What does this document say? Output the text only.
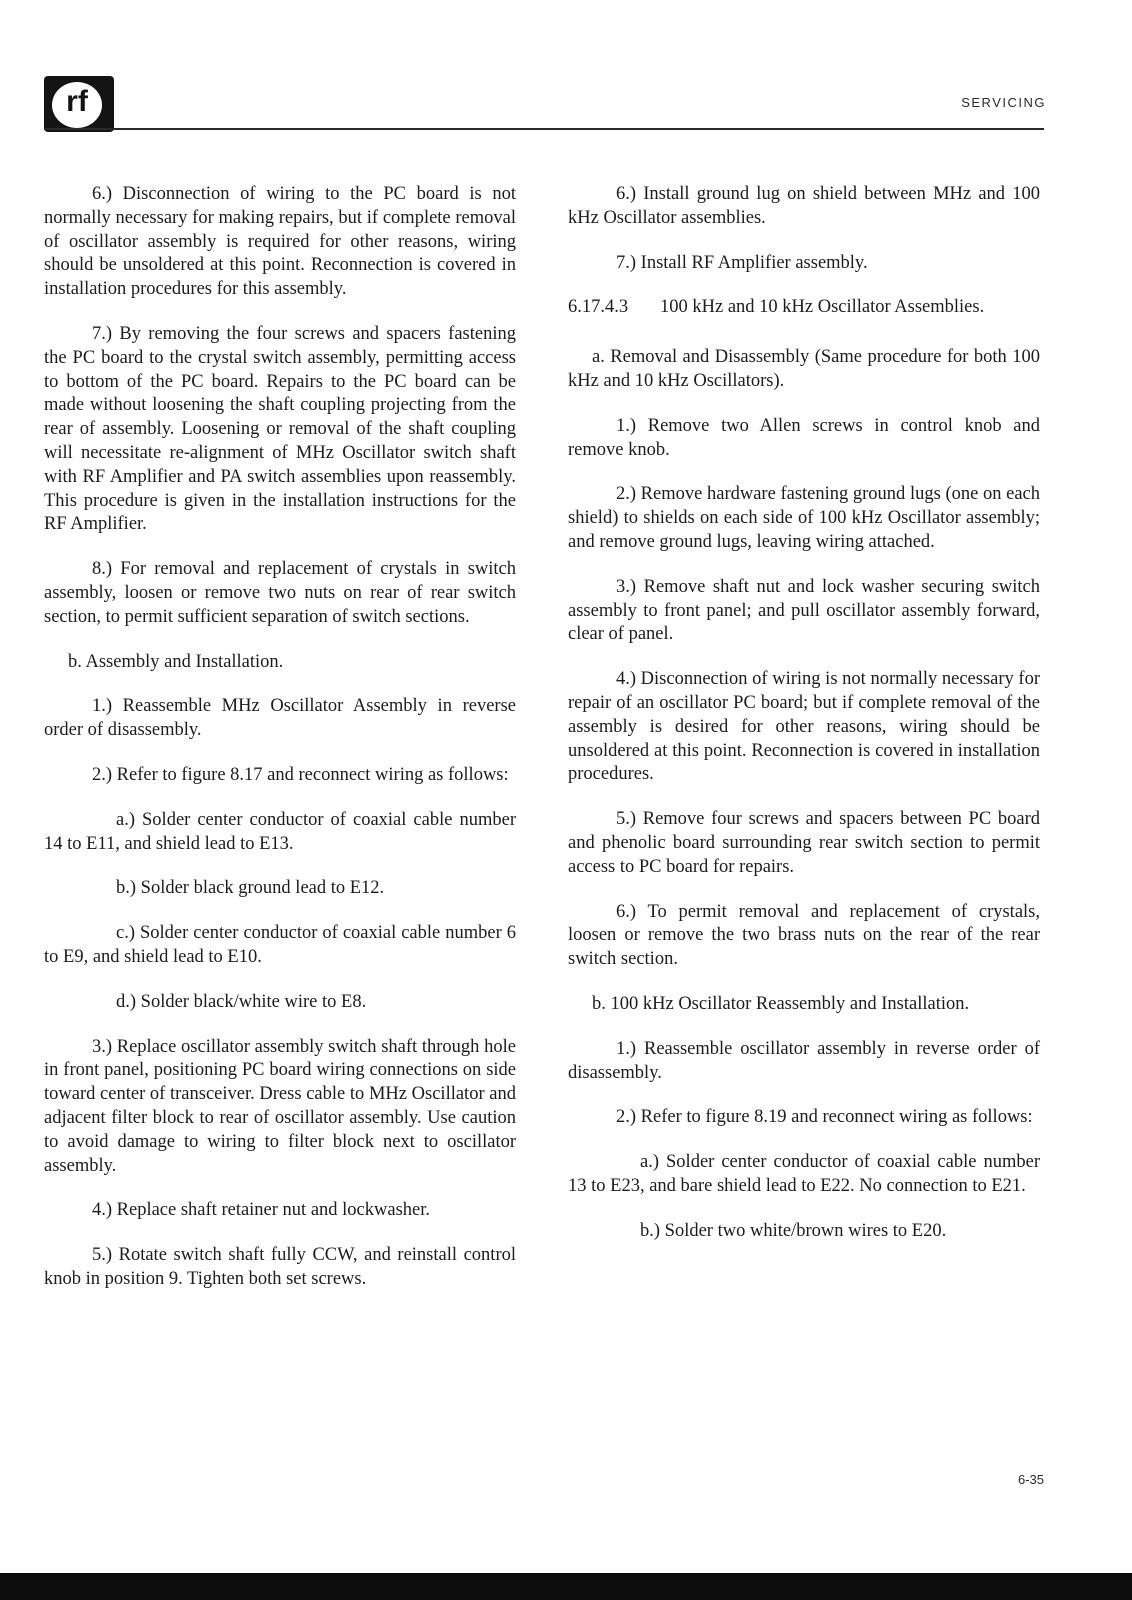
rf	SERVICING

6.) Disconnection of wiring to the PC board is not normally necessary for making repairs, but if complete removal of oscillator assembly is required for other reasons, wiring should be unsoldered at this point. Reconnection is covered in installation procedures for this assembly.

7.) By removing the four screws and spacers fastening the PC board to the crystal switch assembly, permitting access to bottom of the PC board. Repairs to the PC board can be made without loosening the shaft coupling projecting from the rear of assembly. Loosening or removal of the shaft coupling will necessitate re-alignment of MHz Oscillator switch shaft with RF Amplifier and PA switch assemblies upon reassembly. This procedure is given in the installation instructions for the RF Amplifier.

8.) For removal and replacement of crystals in switch assembly, loosen or remove two nuts on rear of rear switch section, to permit sufficient separation of switch sections.

b. Assembly and Installation.

1.) Reassemble MHz Oscillator Assembly in reverse order of disassembly.

2.) Refer to figure 8.17 and reconnect wiring as follows:

a.) Solder center conductor of coaxial cable number 14 to E11, and shield lead to E13.

b.) Solder black ground lead to E12.

c.) Solder center conductor of coaxial cable number 6 to E9, and shield lead to E10.

d.) Solder black/white wire to E8.

3.) Replace oscillator assembly switch shaft through hole in front panel, positioning PC board wiring connections on side toward center of transceiver. Dress cable to MHz Oscillator and adjacent filter block to rear of oscillator assembly. Use caution to avoid damage to wiring to filter block next to oscillator assembly.

4.) Replace shaft retainer nut and lockwasher.

5.) Rotate switch shaft fully CCW, and reinstall control knob in position 9. Tighten both set screws.

6.) Install ground lug on shield between MHz and 100 kHz Oscillator assemblies.

7.) Install RF Amplifier assembly.

6.17.4.3	100 kHz and 10 kHz Oscillator Assemblies.

a. Removal and Disassembly (Same procedure for both 100 kHz and 10 kHz Oscillators).

1.) Remove two Allen screws in control knob and remove knob.

2.) Remove hardware fastening ground lugs (one on each shield) to shields on each side of 100 kHz Oscillator assembly; and remove ground lugs, leaving wiring attached.

3.) Remove shaft nut and lock washer securing switch assembly to front panel; and pull oscillator assembly forward, clear of panel.

4.) Disconnection of wiring is not normally necessary for repair of an oscillator PC board; but if complete removal of the assembly is desired for other reasons, wiring should be unsoldered at this point. Reconnection is covered in installation procedures.

5.) Remove four screws and spacers between PC board and phenolic board surrounding rear switch section to permit access to PC board for repairs.

6.) To permit removal and replacement of crystals, loosen or remove the two brass nuts on the rear of the rear switch section.

b. 100 kHz Oscillator Reassembly and Installation.

1.) Reassemble oscillator assembly in reverse order of disassembly.

2.) Refer to figure 8.19 and reconnect wiring as follows:

a.) Solder center conductor of coaxial cable number 13 to E23, and bare shield lead to E22. No connection to E21.

b.) Solder two white/brown wires to E20.

6-35
